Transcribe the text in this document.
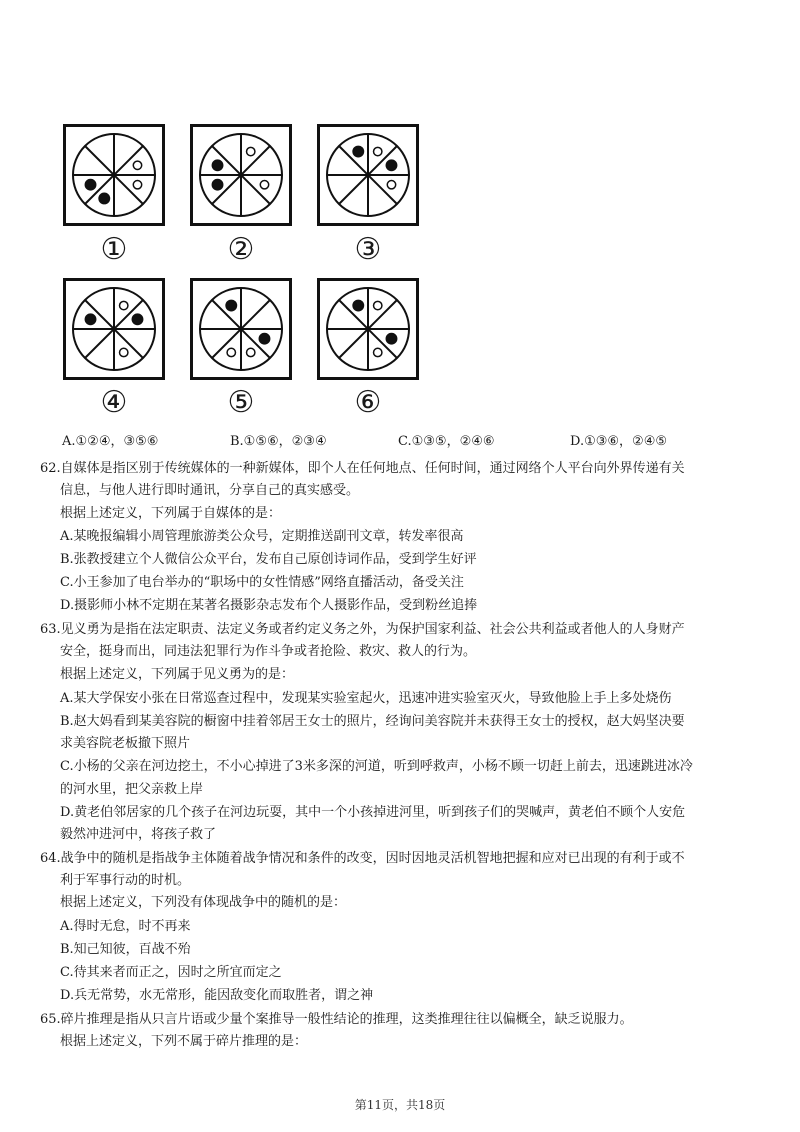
①	②	③
④	⑤	⑥
A.①②④，③⑤⑥	B.①⑤⑥，②③④	C.①③⑤，②④⑥	D.①③⑥，②④⑤
62.自媒体是指区别于传统媒体的一种新媒体，即个人在任何地点、任何时间，通过网络个人平台向外界传递有关
信息，与他人进行即时通讯，分享自己的真实感受。
根据上述定义，下列属于自媒体的是：
A.某晚报编辑小周管理旅游类公众号，定期推送副刊文章，转发率很高
B.张教授建立个人微信公众平台，发布自己原创诗词作品，受到学生好评
C.小王参加了电台举办的“职场中的女性情感”网络直播活动，备受关注
D.摄影师小林不定期在某著名摄影杂志发布个人摄影作品，受到粉丝追捧
63.见义勇为是指在法定职责、法定义务或者约定义务之外，为保护国家利益、社会公共利益或者他人的人身财产
安全，挺身而出，同违法犯罪行为作斗争或者抢险、救灾、救人的行为。
根据上述定义，下列属于见义勇为的是：
A.某大学保安小张在日常巡查过程中，发现某实验室起火，迅速冲进实验室灭火，导致他脸上手上多处烧伤
B.赵大妈看到某美容院的橱窗中挂着邻居王女士的照片，经询问美容院并未获得王女士的授权，赵大妈坚决要
求美容院老板撤下照片
C.小杨的父亲在河边挖土，不小心掉进了3米多深的河道，听到呼救声，小杨不顾一切赶上前去，迅速跳进冰冷
的河水里，把父亲救上岸
D.黄老伯邻居家的几个孩子在河边玩耍，其中一个小孩掉进河里，听到孩子们的哭喊声，黄老伯不顾个人安危
毅然冲进河中，将孩子救了
64.战争中的随机是指战争主体随着战争情况和条件的改变，因时因地灵活机智地把握和应对已出现的有利于或不
利于军事行动的时机。
根据上述定义，下列没有体现战争中的随机的是：
A.得时无怠，时不再来
B.知己知彼，百战不殆
C.待其来者而正之，因时之所宜而定之
D.兵无常势，水无常形，能因敌变化而取胜者，谓之神
65.碎片推理是指从只言片语或少量个案推导一般性结论的推理，这类推理往往以偏概全，缺乏说服力。
根据上述定义，下列不属于碎片推理的是：
第11页，共18页
